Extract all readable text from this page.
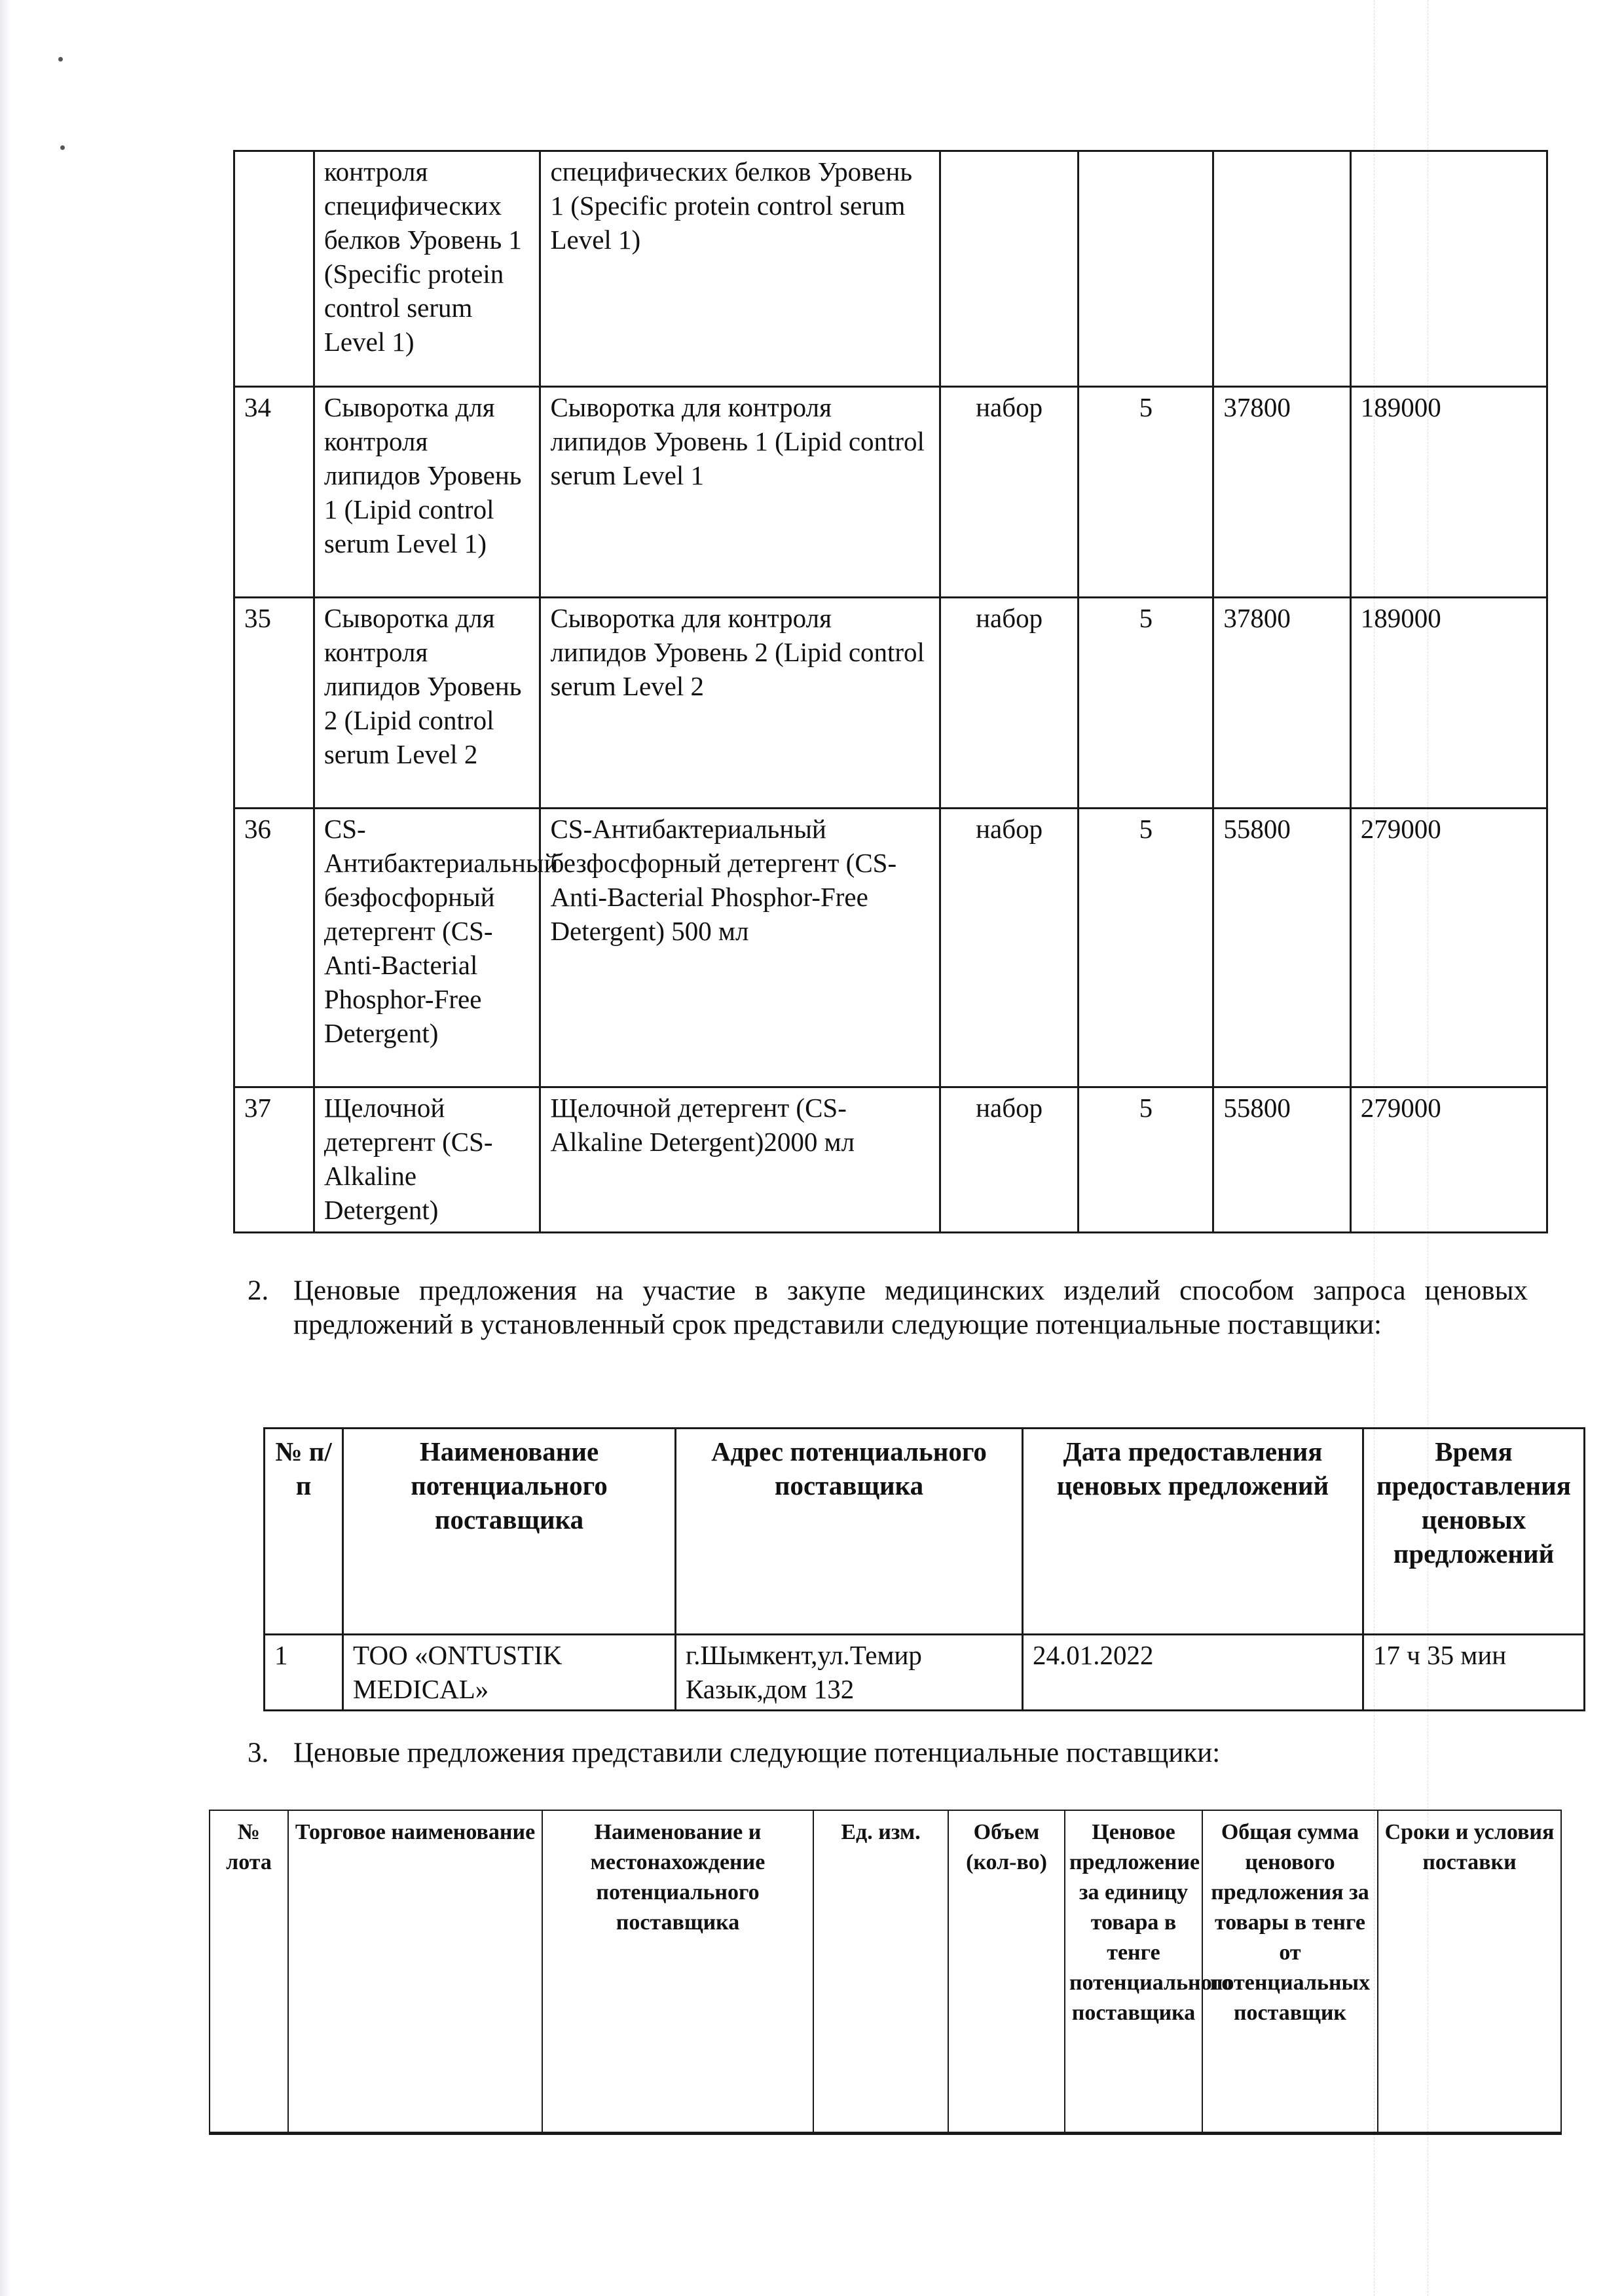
	контроля специфических белков Уровень 1 (Specific protein control serum Level 1)	специфических белков Уровень 1 (Specific protein control serum Level 1)				
34	Сыворотка для контроля липидов Уровень 1 (Lipid control serum Level 1)	Сыворотка для контроля липидов Уровень 1 (Lipid control serum Level 1	набор	5	37800	189000
35	Сыворотка для контроля липидов Уровень 2 (Lipid control serum Level 2	Сыворотка для контроля липидов Уровень 2 (Lipid control serum Level 2	набор	5	37800	189000
36	CS-Антибактериальный безфосфорный детергент (CS-Anti-Bacterial Phosphor-Free Detergent)	CS-Антибактериальный безфосфорный детергент (CS-Anti-Bacterial Phosphor-Free Detergent) 500 мл	набор	5	55800	279000
37	Щелочной детергент (CS-Alkaline Detergent)	Щелочной детергент (CS-Alkaline Detergent)2000 мл	набор	5	55800	279000
2. Ценовые предложения на участие в закупе медицинских изделий способом запроса ценовых предложений в установленный срок представили следующие потенциальные поставщики:
№ п/п	Наименование потенциального поставщика	Адрес потенциального поставщика	Дата предоставления ценовых предложений	Время предоставления ценовых предложений
1	ТОО «ONTUSTIK MEDICAL»	г.Шымкент,ул.Темир Казык,дом 132	24.01.2022	17 ч 35 мин
3. Ценовые предложения представили следующие потенциальные поставщики:
№ лота	Торговое наименование	Наименование и местонахождение потенциального поставщика	Ед. изм.	Объем (кол-во)	Ценовое предложение за единицу товара в тенге потенциального поставщика	Общая сумма ценового предложения за товары в тенге от потенциальных поставщик	Сроки и условия поставки
